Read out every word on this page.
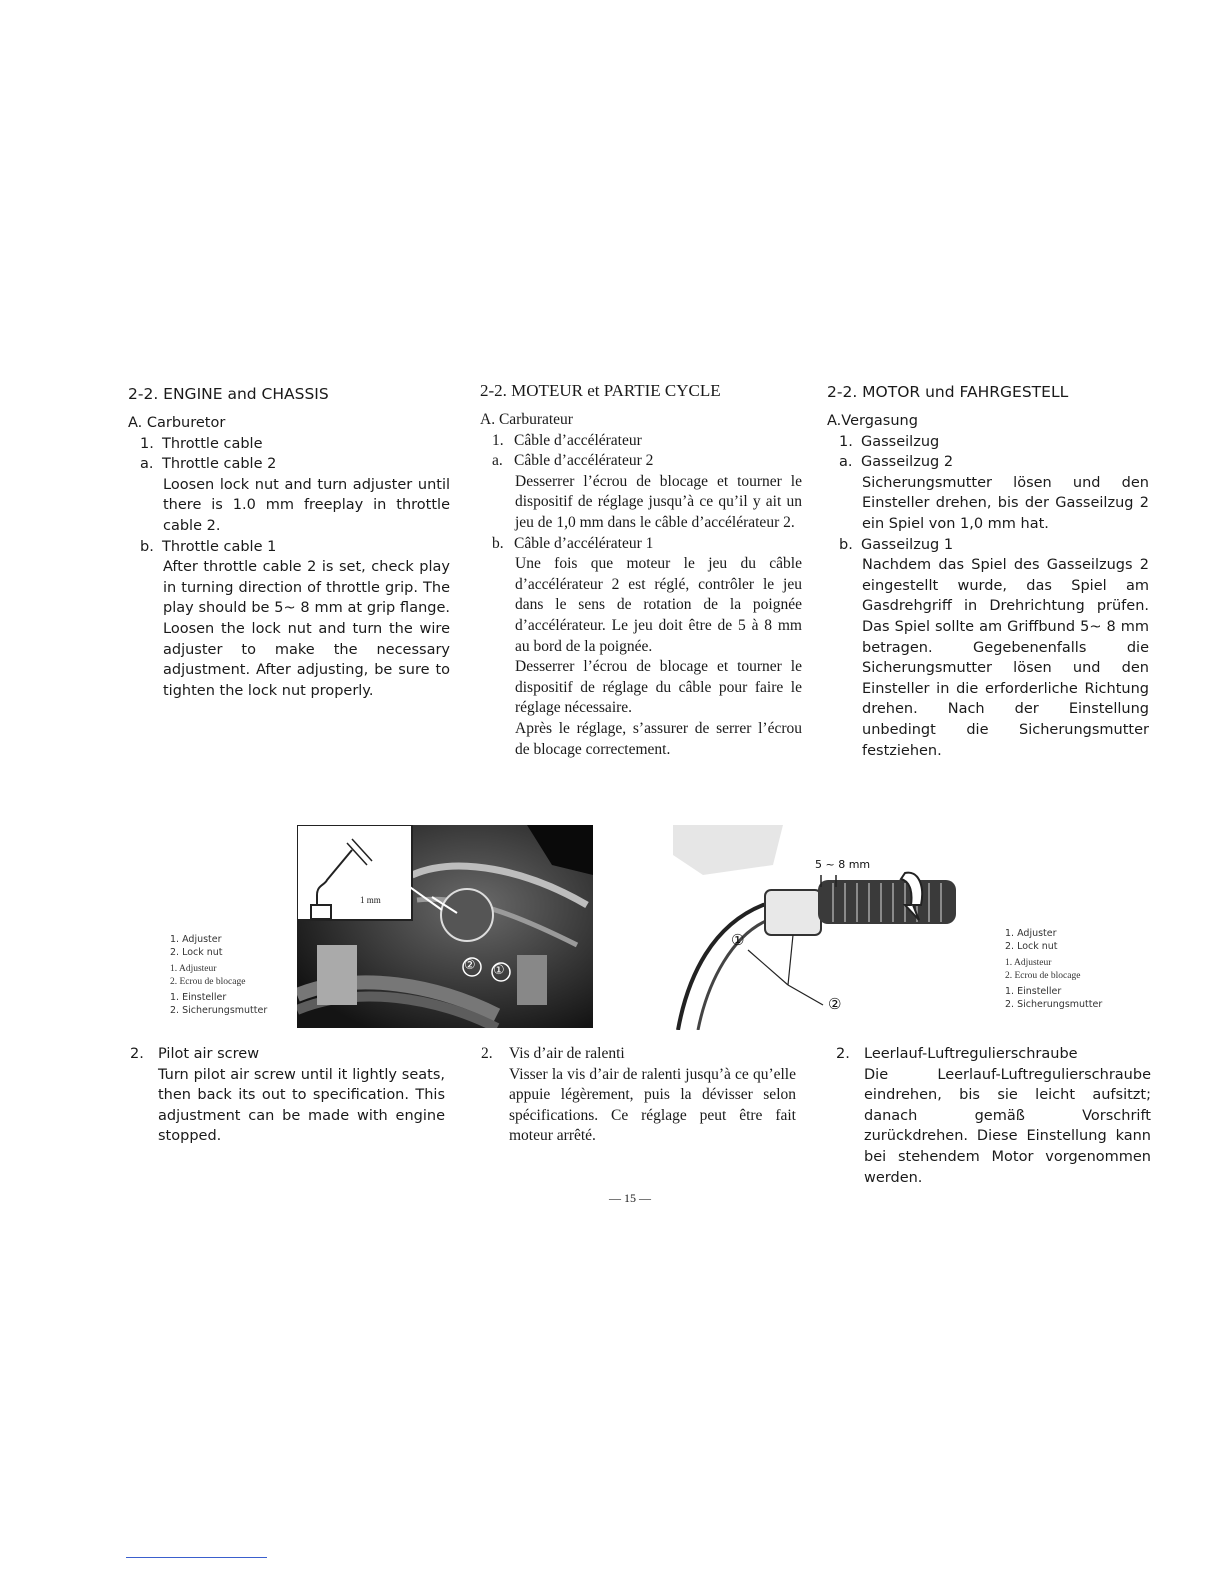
2-2. ENGINE and CHASSIS
A. Carburetor
1. Throttle cable
a. Throttle cable 2
Loosen lock nut and turn adjuster until there is 1.0 mm freeplay in throttle cable 2.
b. Throttle cable 1
After throttle cable 2 is set, check play in turning direction of throttle grip. The play should be 5~ 8 mm at grip flange. Loosen the lock nut and turn the wire adjuster to make the necessary adjustment. After adjusting, be sure to tighten the lock nut properly.
2-2. MOTEUR et PARTIE CYCLE
A. Carburateur
1. Câble d’accélérateur
a. Câble d’accélérateur 2
Desserrer l’écrou de blocage et tourner le dispositif de réglage jusqu’à ce qu’il y ait un jeu de 1,0 mm dans le câble d’accélérateur 2.
b. Câble d’accélérateur 1
Une fois que moteur le jeu du câble d’accélérateur 2 est réglé, contrôler le jeu dans le sens de rotation de la poignée d’accélérateur. Le jeu doit être de 5 à 8 mm au bord de la poignée.
Desserrer l’écrou de blocage et tourner le dispositif de réglage du câble pour faire le réglage nécessaire.
Après le réglage, s’assurer de serrer l’écrou de blocage correctement.
2-2. MOTOR und FAHRGESTELL
A.Vergasung
1. Gasseilzug
a. Gasseilzug 2
Sicherungsmutter lösen und den Einsteller drehen, bis der Gasseilzug 2 ein Spiel von 1,0 mm hat.
b. Gasseilzug 1
Nachdem das Spiel des Gasseilzugs 2 eingestellt wurde, das Spiel am Gasdrehgriff in Drehrichtung prüfen. Das Spiel sollte am Griffbund 5~ 8 mm betragen. Gegebenenfalls die Sicherungsmutter lösen und den Einsteller in die erforderliche Richtung drehen. Nach der Einstellung unbedingt die Sicherungsmutter festziehen.
1. Adjuster
2. Lock nut
1. Adjusteur
2. Ecrou de blocage
1. Einsteller
2. Sicherungsmutter
1 mm
② ①
5 ~ 8 mm
①
②
1. Adjuster
2. Lock nut
1. Adjusteur
2. Ecrou de blocage
1. Einsteller
2. Sicherungsmutter
2. Pilot air screw
Turn pilot air screw until it lightly seats, then back its out to specification. This adjustment can be made with engine stopped.
2. Vis d’air de ralenti
Visser la vis d’air de ralenti jusqu’à ce qu’elle appuie légèrement, puis la dévisser selon spécifications. Ce réglage peut être fait moteur arrêté.
2. Leerlauf-Luftregulierschraube
Die Leerlauf-Luftregulierschraube eindrehen, bis sie leicht aufsitzt; danach gemäß Vorschrift zurückdrehen. Diese Einstellung kann bei stehendem Motor vorgenommen werden.
— 15 —
